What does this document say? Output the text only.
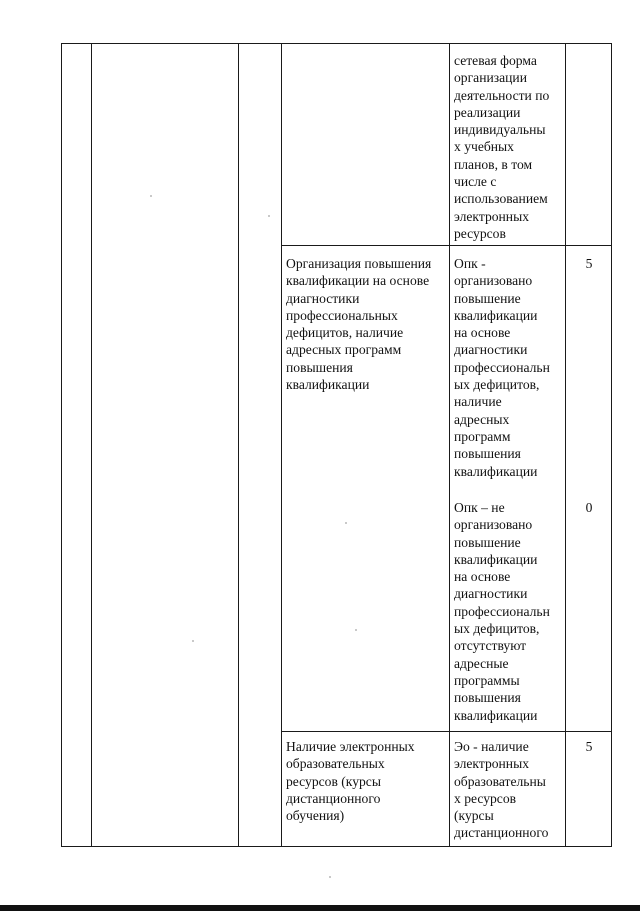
сетевая форма
организации
деятельности по
реализации
индивидуальны
х учебных
планов, в том
числе с
использованием
электронных
ресурсов
Организация повышения
квалификации на основе
диагностики
профессиональных
дефицитов, наличие
адресных программ
повышения
квалификации
Опк -
организовано
повышение
квалификации
на основе
диагностики
профессиональн
ых дефицитов,
наличие
адресных
программ
повышения
квалификации
5
Опк – не
организовано
повышение
квалификации
на основе
диагностики
профессиональн
ых дефицитов,
отсутствуют
адресные
программы
повышения
квалификации
0
Наличие электронных
образовательных
ресурсов (курсы
дистанционного
обучения)
Эо - наличие
электронных
образовательны
х ресурсов
(курсы
дистанционного
5
